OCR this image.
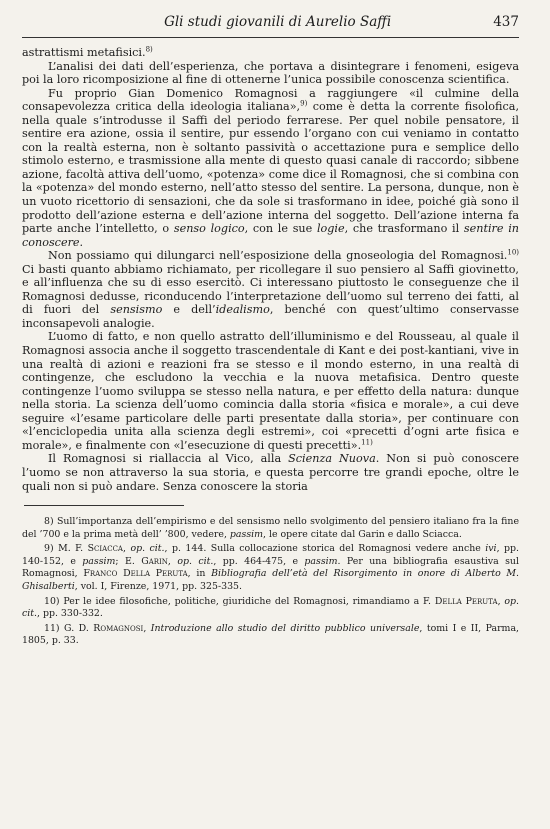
Gli studi giovanili di Aurelio Saffi	437

astrattismi metafisici.$^{8)}$

L’analisi dei dati dell’esperienza, che portava a disintegrare i fenomeni, esigeva poi la loro ricomposizione al fine di ottenerne l’unica possibile conoscenza scientifica.

Fu proprio Gian Domenico Romagnosi a raggiungere «il culmine della consapevolezza critica della ideologia italiana»,$^{9)}$ come è detta la corrente fisolofica, nella quale s’introdusse il Saffi del periodo ferrarese. Per quel nobile pensatore, il sentire era azione, ossia il sentire, pur essendo l’organo con cui veniamo in contatto con la realtà esterna, non è soltanto passività o accettazione pura e semplice dello stimolo esterno, e trasmissione alla mente di questo quasi canale di raccordo; sibbene azione, facoltà attiva dell’uomo, «potenza» come dice il Romagnosi, che si combina con la «potenza» del mondo esterno, nell’atto stesso del sentire. La persona, dunque, non è un vuoto ricettorio di sensazioni, che da sole si trasformano in idee, poiché già sono il prodotto dell’azione esterna e dell’azione interna del soggetto. Dell’azione interna fa parte anche l’intelletto, o senso logico, con le sue logie, che trasformano il sentire in conoscere.

Non possiamo qui dilungarci nell’esposizione della gnoseologia del Romagnosi.$^{10)}$ Ci basti quanto abbiamo richiamato, per ricollegare il suo pensiero al Saffi giovinetto, e all’influenza che su di esso esercitò. Ci interessano piuttosto le conseguenze che il Romagnosi dedusse, riconducendo l’interpretazione dell’uomo sul terreno dei fatti, al di fuori del sensismo e dell’idealismo, benché con quest’ultimo conservasse inconsapevoli analogie.

L’uomo di fatto, e non quello astratto dell’illuminismo e del Rousseau, al quale il Romagnosi associa anche il soggetto trascendentale di Kant e dei post-kantiani, vive in una realtà di azioni e reazioni fra se stesso e il mondo esterno, in una realtà di contingenze, che escludono la vecchia e la nuova metafisica. Dentro queste contingenze l’uomo sviluppa se stesso nella natura, e per effetto della natura: dunque nella storia. La scienza dell’uomo comincia dalla storia «fisica e morale», a cui deve seguire «l’esame particolare delle parti presentate dalla storia», per continuare con «l’enciclopedia unita alla scienza degli estremi», coi «precetti d’ogni arte fisica e morale», e finalmente con «l’esecuzione di questi precetti».$^{11)}$

Il Romagnosi si riallaccia al Vico, alla Scienza Nuova. Non si può conoscere l’uomo se non attraverso la sua storia, e questa percorre tre grandi epoche, oltre le quali non si può andare. Senza conoscere la storia

8) Sull’importanza dell’empirismo e del sensismo nello svolgimento del pensiero italiano fra la fine del ’700 e la prima metà dell’ ’800, vedere, passim, le opere citate dal Garin e dallo Sciacca.

9) M. F. Sciacca, op. cit., p. 144. Sulla collocazione storica del Romagnosi vedere anche ivi, pp. 140-152, e passim; E. Garin, op. cit., pp. 464-475, e passim. Per una bibliografia esaustiva sul Romagnosi, Franco Della Peruta, in Bibliografia dell’età del Risorgimento in onore di Alberto M. Ghisalberti, vol. I, Firenze, 1971, pp. 325-335.

10) Per le idee filosofiche, politiche, giuridiche del Romagnosi, rimandiamo a F. Della Peruta, op. cit., pp. 330-332.

11) G. D. Romagnosi, Introduzione allo studio del diritto pubblico universale, tomi I e II, Parma, 1805, p. 33.
